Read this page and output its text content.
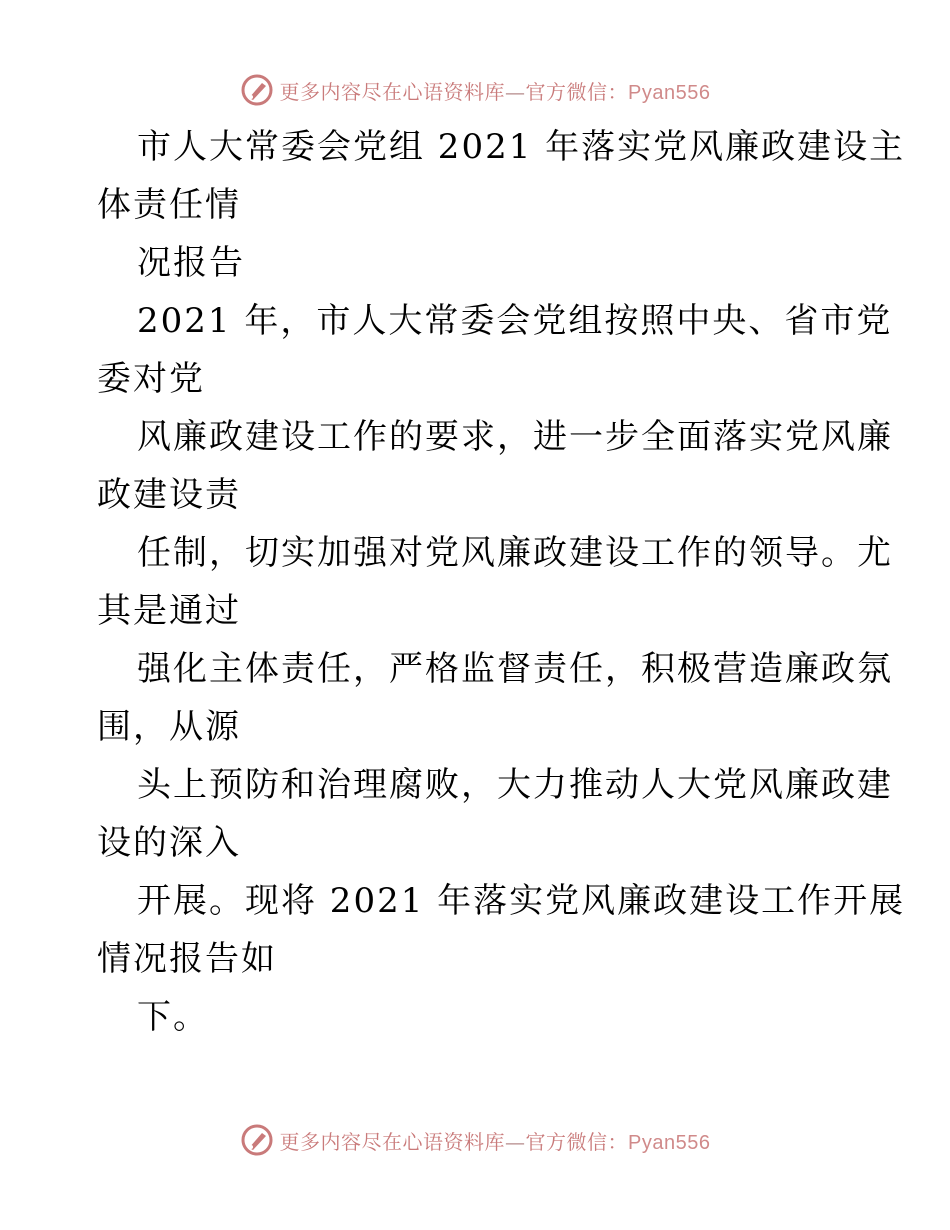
更多内容尽在心语资料库—官方微信：Pyan556
市人大常委会党组 2021 年落实党风廉政建设主
体责任情
况报告
2021 年，市人大常委会党组按照中央、省市党
委对党
风廉政建设工作的要求，进一步全面落实党风廉
政建设责
任制，切实加强对党风廉政建设工作的领导。尤
其是通过
强化主体责任，严格监督责任，积极营造廉政氛
围，从源
头上预防和治理腐败，大力推动人大党风廉政建
设的深入
开展。现将 2021 年落实党风廉政建设工作开展
情况报告如
下。
更多内容尽在心语资料库—官方微信：Pyan556
